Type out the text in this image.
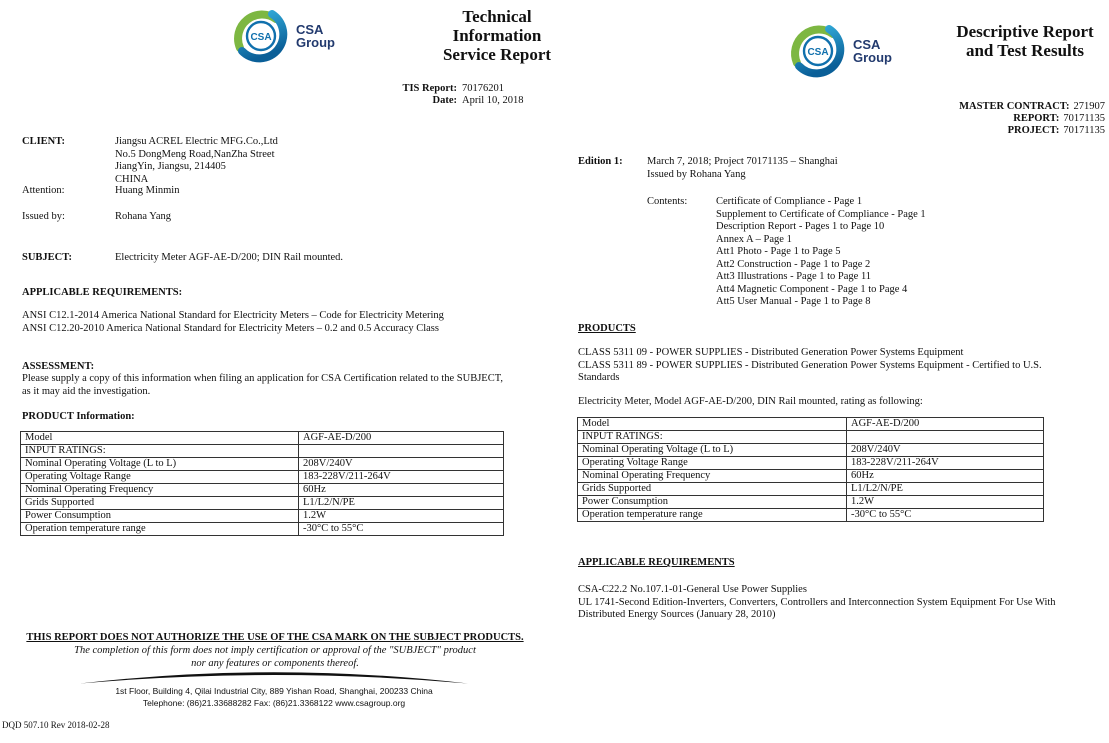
CSA
CSA
Group
Technical
Information
Service Report
TIS Report: 70176201
Date: April 10, 2018
CLIENT:	Jiangsu ACREL Electric MFG.Co.,Ltd
No.5 DongMeng Road,NanZha Street
JiangYin, Jiangsu, 214405
CHINA
Attention:	Huang Minmin
Issued by:	Rohana Yang
SUBJECT:	Electricity Meter AGF-AE-D/200; DIN Rail mounted.
APPLICABLE REQUIREMENTS:
ANSI C12.1-2014 America National Standard for Electricity Meters – Code for Electricity Metering
ANSI C12.20-2010 America National Standard for Electricity Meters – 0.2 and 0.5 Accuracy Class
ASSESSMENT:
Please supply a copy of this information when filing an application for CSA Certification related to the SUBJECT,
as it may aid the investigation.
PRODUCT Information:
Model	AGF-AE-D/200
INPUT RATINGS:
Nominal Operating Voltage (L to L)	208V/240V
Operating Voltage Range	183-228V/211-264V
Nominal Operating Frequency	60Hz
Grids Supported	L1/L2/N/PE
Power Consumption	1.2W
Operation temperature range	-30°C to 55°C
THIS REPORT DOES NOT AUTHORIZE THE USE OF THE CSA MARK ON THE SUBJECT PRODUCTS.
The completion of this form does not imply certification or approval of the "SUBJECT" product
nor any features or components thereof.
1st Floor, Building 4, Qilai Industrial City, 889 Yishan Road, Shanghai, 200233 China
Telephone: (86)21.33688282 Fax: (86)21.3368122 www.csagroup.org
DQD 507.10 Rev 2018-02-28
CSA
CSA
Group
Descriptive Report
and Test Results
MASTER CONTRACT: 271907
REPORT: 70171135
PROJECT: 70171135
Edition 1: March 7, 2018; Project 70171135 – Shanghai
Issued by Rohana Yang
Contents:	Certificate of Compliance - Page 1
Supplement to Certificate of Compliance - Page 1
Description Report - Pages 1 to Page 10
Annex A – Page 1
Att1 Photo - Page 1 to Page 5
Att2 Construction - Page 1 to Page 2
Att3 Illustrations - Page 1 to Page 11
Att4 Magnetic Component - Page 1 to Page 4
Att5 User Manual - Page 1 to Page 8
PRODUCTS
CLASS 5311 09 - POWER SUPPLIES - Distributed Generation Power Systems Equipment
CLASS 5311 89 - POWER SUPPLIES - Distributed Generation Power Systems Equipment - Certified to U.S.
Standards
Electricity Meter, Model AGF-AE-D/200, DIN Rail mounted, rating as following:
Model	AGF-AE-D/200
INPUT RATINGS:
Nominal Operating Voltage (L to L)	208V/240V
Operating Voltage Range	183-228V/211-264V
Nominal Operating Frequency	60Hz
Grids Supported	L1/L2/N/PE
Power Consumption	1.2W
Operation temperature range	-30°C to 55°C
APPLICABLE REQUIREMENTS
CSA-C22.2 No.107.1-01-General Use Power Supplies
UL 1741-Second Edition-Inverters, Converters, Controllers and Interconnection System Equipment For Use With
Distributed Energy Sources (January 28, 2010)
